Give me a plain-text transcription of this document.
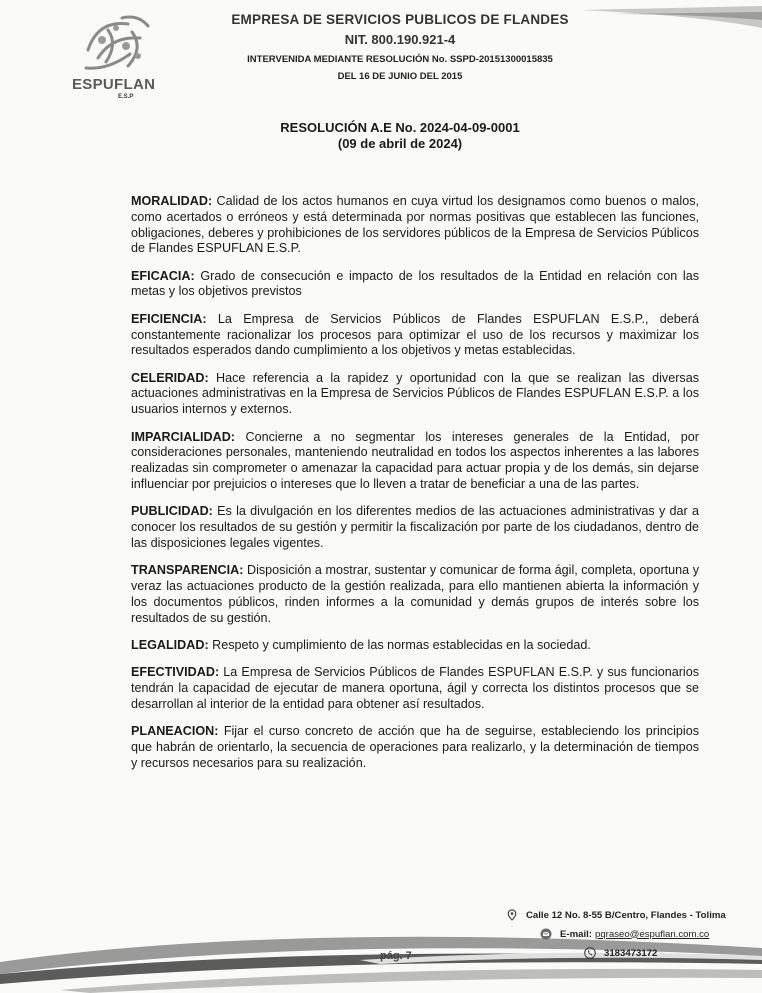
ESPUFLAN
E.S.P
EMPRESA DE SERVICIOS PUBLICOS DE FLANDES
NIT. 800.190.921-4
INTERVENIDA MEDIANTE RESOLUCIÓN No. SSPD-20151300015835
DEL 16 DE JUNIO DEL 2015
RESOLUCIÓN A.E No. 2024-04-09-0001
(09 de abril de 2024)

MORALIDAD: Calidad de los actos humanos en cuya virtud los designamos como buenos o malos, como acertados o erróneos y está determinada por normas positivas que establecen las funciones, obligaciones, deberes y prohibiciones de los servidores públicos de la Empresa de Servicios Públicos de Flandes ESPUFLAN E.S.P.

EFICACIA: Grado de consecución e impacto de los resultados de la Entidad en relación con las metas y los objetivos previstos

EFICIENCIA: La Empresa de Servicios Públicos de Flandes ESPUFLAN E.S.P., deberá constantemente racionalizar los procesos para optimizar el uso de los recursos y maximizar los resultados esperados dando cumplimiento a los objetivos y metas establecidas.

CELERIDAD: Hace referencia a la rapidez y oportunidad con la que se realizan las diversas actuaciones administrativas en la Empresa de Servicios Públicos de Flandes ESPUFLAN E.S.P. a los usuarios internos y externos.

IMPARCIALIDAD: Concierne a no segmentar los intereses generales de la Entidad, por consideraciones personales, manteniendo neutralidad en todos los aspectos inherentes a las labores realizadas sin comprometer o amenazar la capacidad para actuar propia y de los demás, sin dejarse influenciar por prejuicios o intereses que lo lleven a tratar de beneficiar a una de las partes.

PUBLICIDAD: Es la divulgación en los diferentes medios de las actuaciones administrativas y dar a conocer los resultados de su gestión y permitir la fiscalización por parte de los ciudadanos, dentro de las disposiciones legales vigentes.

TRANSPARENCIA: Disposición a mostrar, sustentar y comunicar de forma ágil, completa, oportuna y veraz las actuaciones producto de la gestión realizada, para ello mantienen abierta la información y los documentos públicos, rinden informes a la comunidad y demás grupos de interés sobre los resultados de su gestión.

LEGALIDAD: Respeto y cumplimiento de las normas establecidas en la sociedad.

EFECTIVIDAD: La Empresa de Servicios Públicos de Flandes ESPUFLAN E.S.P. y sus funcionarios tendrán la capacidad de ejecutar de manera oportuna, ágil y correcta los distintos procesos que se desarrollan al interior de la entidad para obtener así resultados.

PLANEACION: Fijar el curso concreto de acción que ha de seguirse, estableciendo los principios que habrán de orientarlo, la secuencia de operaciones para realizarlo, y la determinación de tiempos y recursos necesarios para su realización.

Calle 12 No. 8-55 B/Centro, Flandes - Tolima
E-mail: pqraseo@espuflan.com.co
3183473172
pág. 7
